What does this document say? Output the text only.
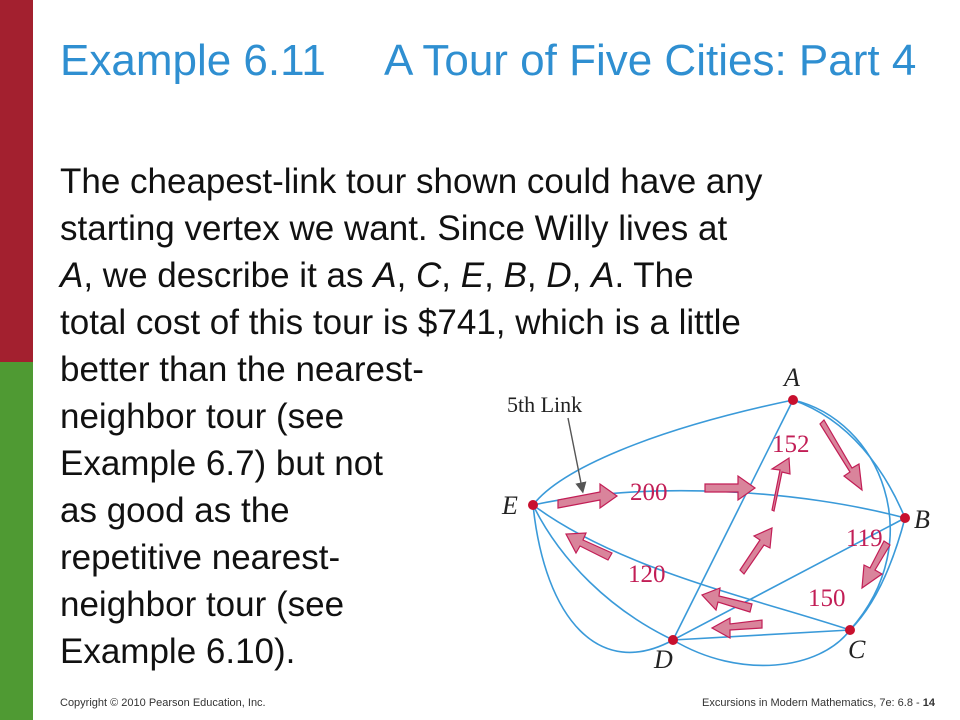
Example 6.11 A Tour of Five Cities: Part 4
The cheapest-link tour shown could have any
starting vertex we want. Since Willy lives at
A, we describe it as A, C, E, B, D, A. The
total cost of this tour is $741, which is a little
better than the nearest-
neighbor tour (see
Example 6.7) but not
as good as the
repetitive nearest-
neighbor tour (see
Example 6.10).
A
B
C
D
E
152
200
119
150
120
5th Link
Copyright © 2010 Pearson Education, Inc.	Excursions in Modern Mathematics, 7e: 6.8 - 14
